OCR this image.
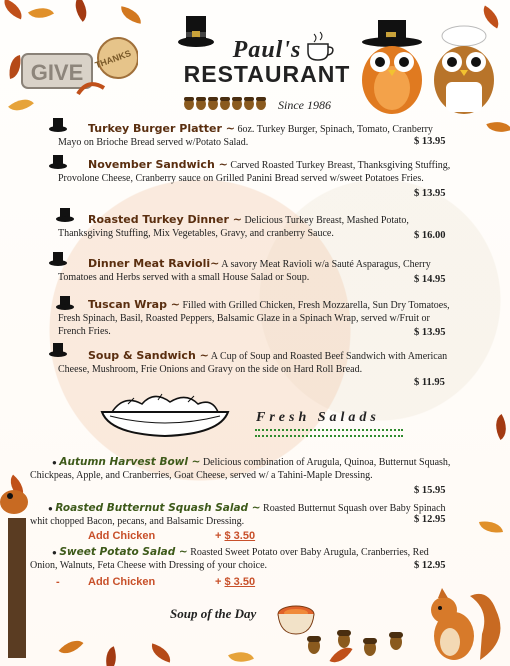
GIVE
THANKS	Paul's
RESTAURANT
Since 1986
Turkey Burger Platter ~ 6oz. Turkey Burger, Spinach, Tomato, Cranberry Mayo on Brioche Bread served w/Potato Salad.	$ 13.95
November Sandwich ~ Carved Roasted Turkey Breast, Thanksgiving Stuffing, Provolone Cheese, Cranberry sauce on Grilled Panini Bread served w/sweet Potatoes Fries.
$ 13.95
Roasted Turkey Dinner ~ Delicious Turkey Breast, Mashed Potato, Thanksgiving Stuffing, Mix Vegetables, Gravy, and cranberry Sauce.	$ 16.00
Dinner Meat Ravioli~ A savory Meat Ravioli w/a Sauté Asparagus, Cherry Tomatoes and Herbs served with a small House Salad or Soup.	$ 14.95
Tuscan Wrap ~ Filled with Grilled Chicken, Fresh Mozzarella, Sun Dry Tomatoes, Fresh Spinach, Basil, Roasted Peppers, Balsamic Glaze in a Spinach Wrap, served w/Fruit or French Fries.	$ 13.95
Soup & Sandwich ~ A Cup of Soup and Roasted Beef Sandwich with American Cheese, Mushroom, Frie Onions and Gravy on the side on Hard Roll Bread.
$ 11.95
Fresh Salads
● Autumn Harvest Bowl ~ Delicious combination of Arugula, Quinoa, Butternut Squash, Chickpeas, Apple, and Cranberries, Goat Cheese, served w/ a Tahini-Maple Dressing.
$ 15.95
● Roasted Butternut Squash Salad ~ Roasted Butternut Squash over Baby Spinach whit chopped Bacon, pecans, and Balsamic Dressing.	$ 12.95
Add Chicken	+ $ 3.50
● Sweet Potato Salad ~ Roasted Sweet Potato over Baby Arugula, Cranberries, Red Onion, Walnuts, Feta Cheese with Dressing of your choice.	$ 12.95
-	Add Chicken	+ $ 3.50
Soup of the Day
